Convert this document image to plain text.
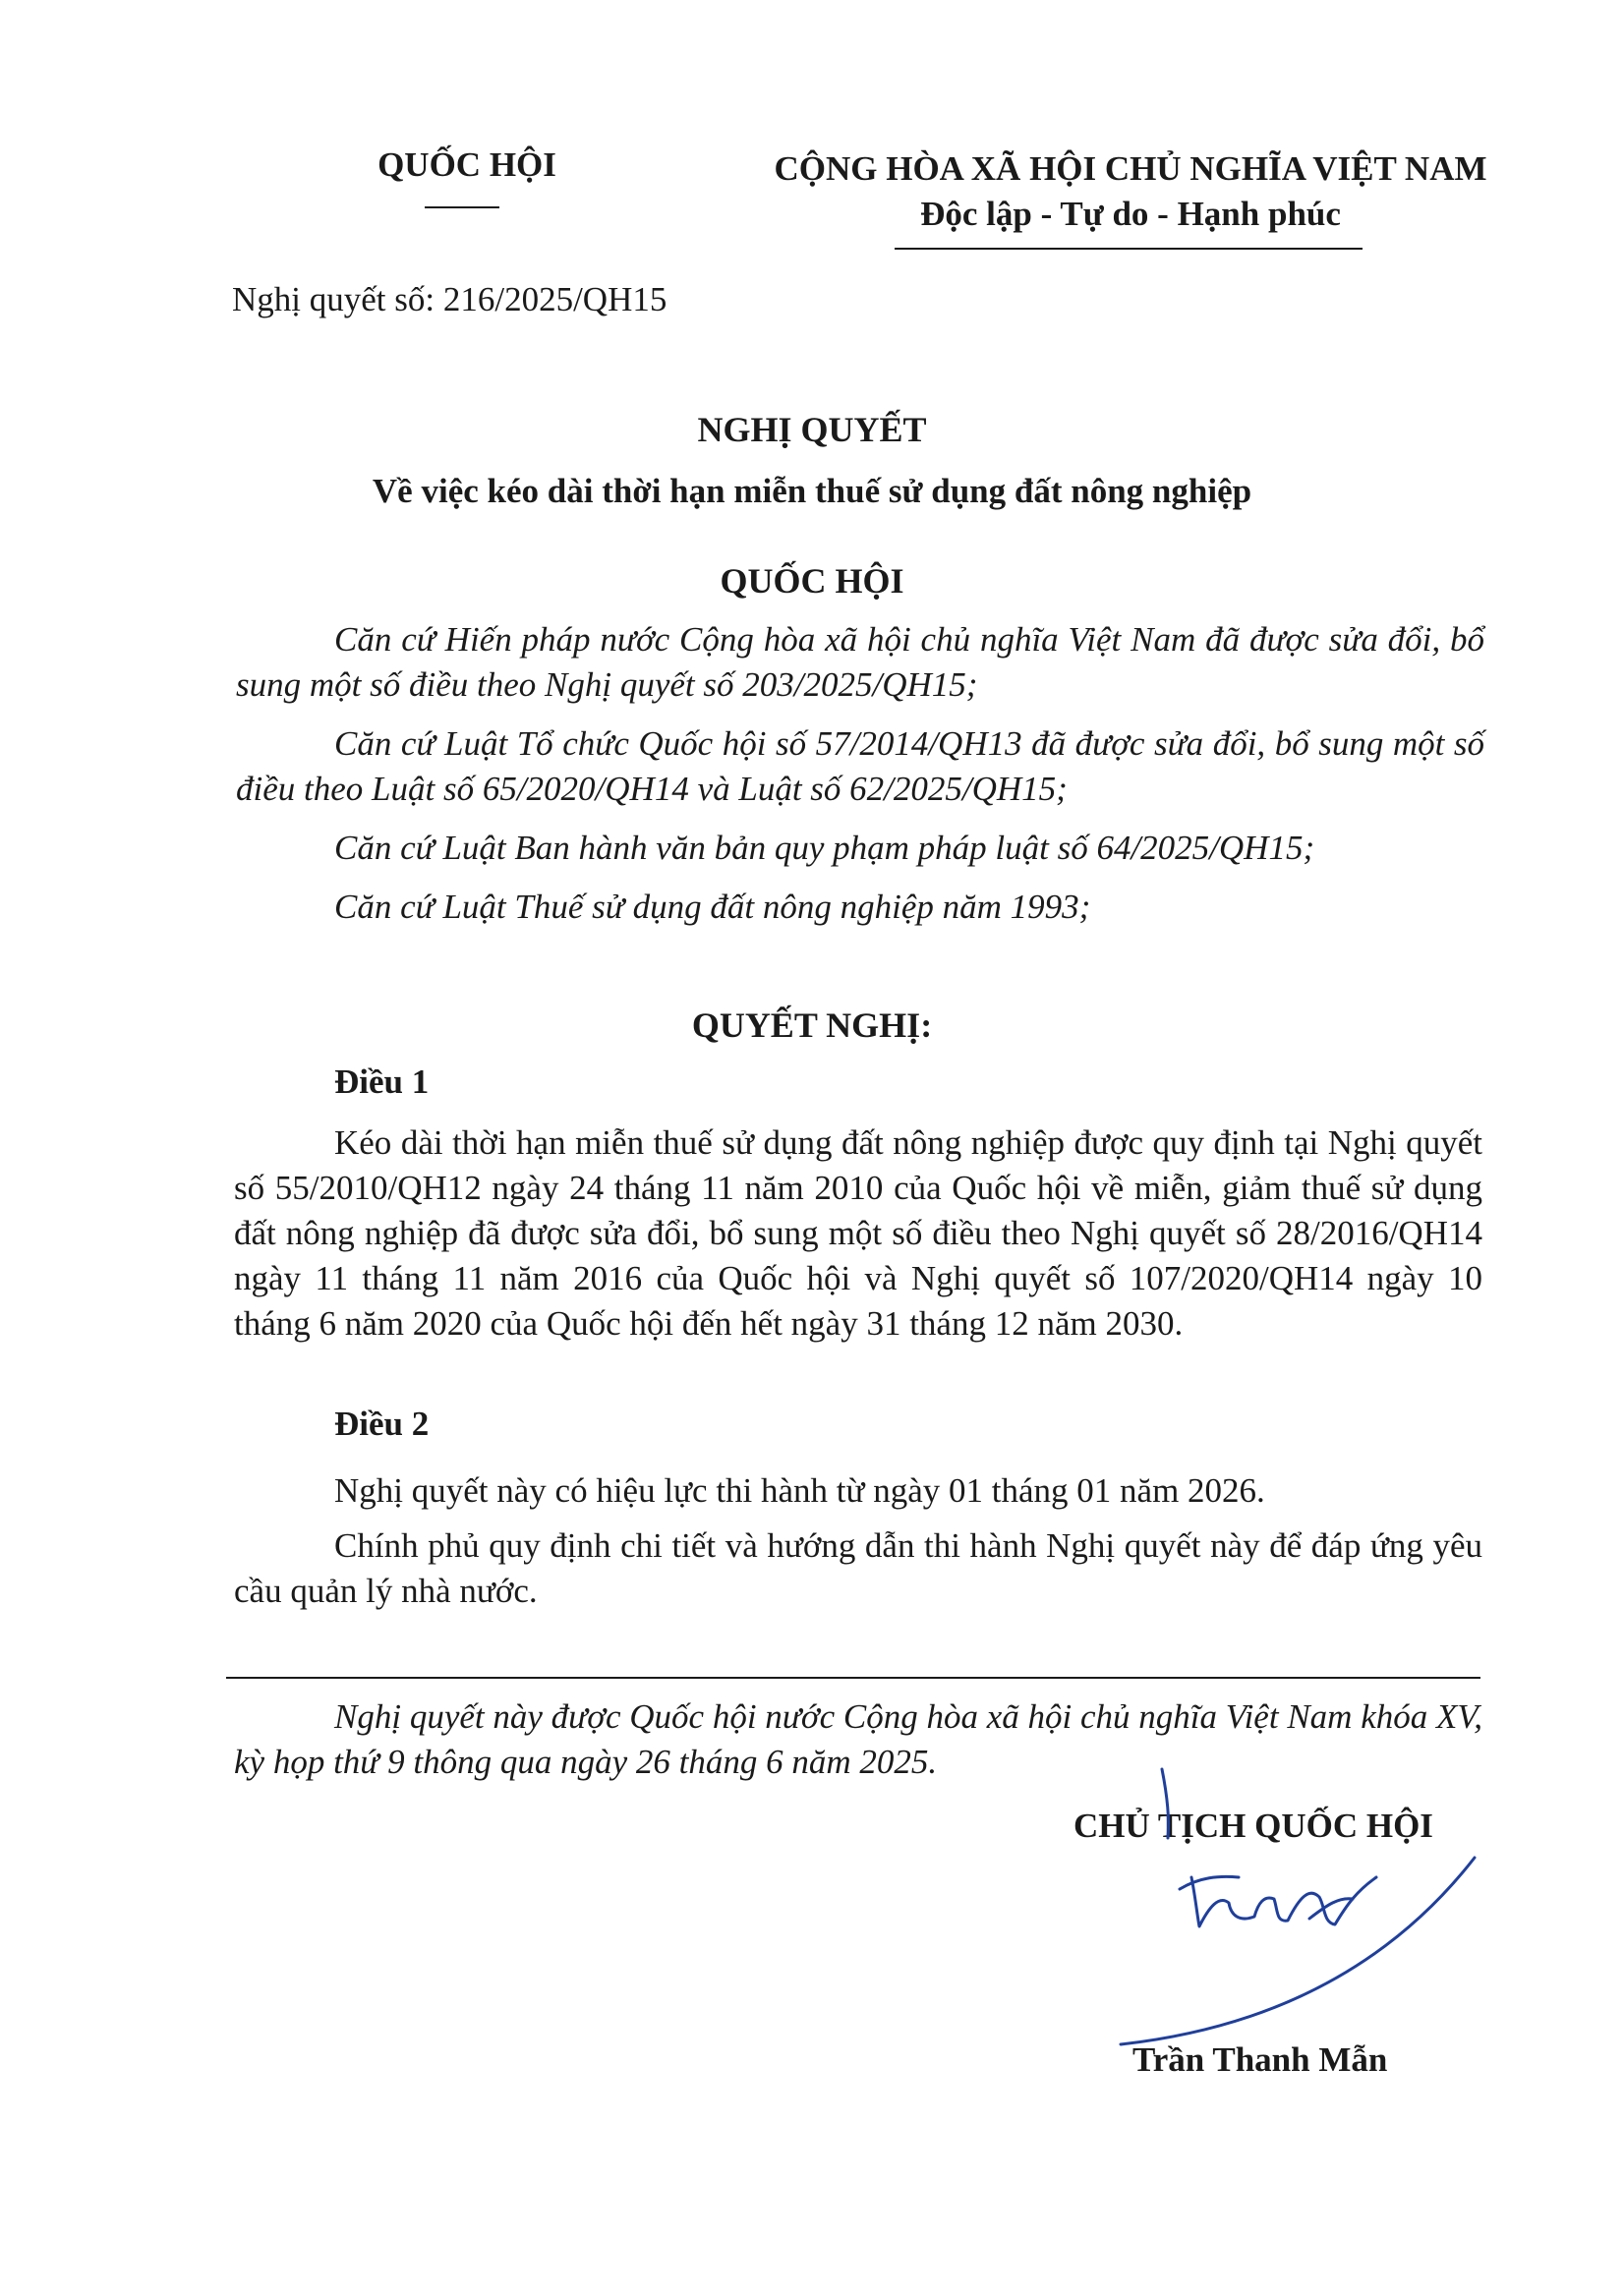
QUỐC HỘI	CỘNG HÒA XÃ HỘI CHỦ NGHĨA VIỆT NAM
Độc lập - Tự do - Hạnh phúc
Nghị quyết số: 216/2025/QH15
NGHỊ QUYẾT
Về việc kéo dài thời hạn miễn thuế sử dụng đất nông nghiệp
QUỐC HỘI

Căn cứ Hiến pháp nước Cộng hòa xã hội chủ nghĩa Việt Nam đã được sửa đổi, bổ sung một số điều theo Nghị quyết số 203/2025/QH15;

Căn cứ Luật Tổ chức Quốc hội số 57/2014/QH13 đã được sửa đổi, bổ sung một số điều theo Luật số 65/2020/QH14 và Luật số 62/2025/QH15;

Căn cứ Luật Ban hành văn bản quy phạm pháp luật số 64/2025/QH15;

Căn cứ Luật Thuế sử dụng đất nông nghiệp năm 1993;

QUYẾT NGHỊ:
Điều 1

Kéo dài thời hạn miễn thuế sử dụng đất nông nghiệp được quy định tại Nghị quyết số 55/2010/QH12 ngày 24 tháng 11 năm 2010 của Quốc hội về miễn, giảm thuế sử dụng đất nông nghiệp đã được sửa đổi, bổ sung một số điều theo Nghị quyết số 28/2016/QH14 ngày 11 tháng 11 năm 2016 của Quốc hội và Nghị quyết số 107/2020/QH14 ngày 10 tháng 6 năm 2020 của Quốc hội đến hết ngày 31 tháng 12 năm 2030.

Điều 2

Nghị quyết này có hiệu lực thi hành từ ngày 01 tháng 01 năm 2026.

Chính phủ quy định chi tiết và hướng dẫn thi hành Nghị quyết này để đáp ứng yêu cầu quản lý nhà nước.

Nghị quyết này được Quốc hội nước Cộng hòa xã hội chủ nghĩa Việt Nam khóa XV, kỳ họp thứ 9 thông qua ngày 26 tháng 6 năm 2025.

CHỦ TỊCH QUỐC HỘI
Trần Thanh Mẫn
